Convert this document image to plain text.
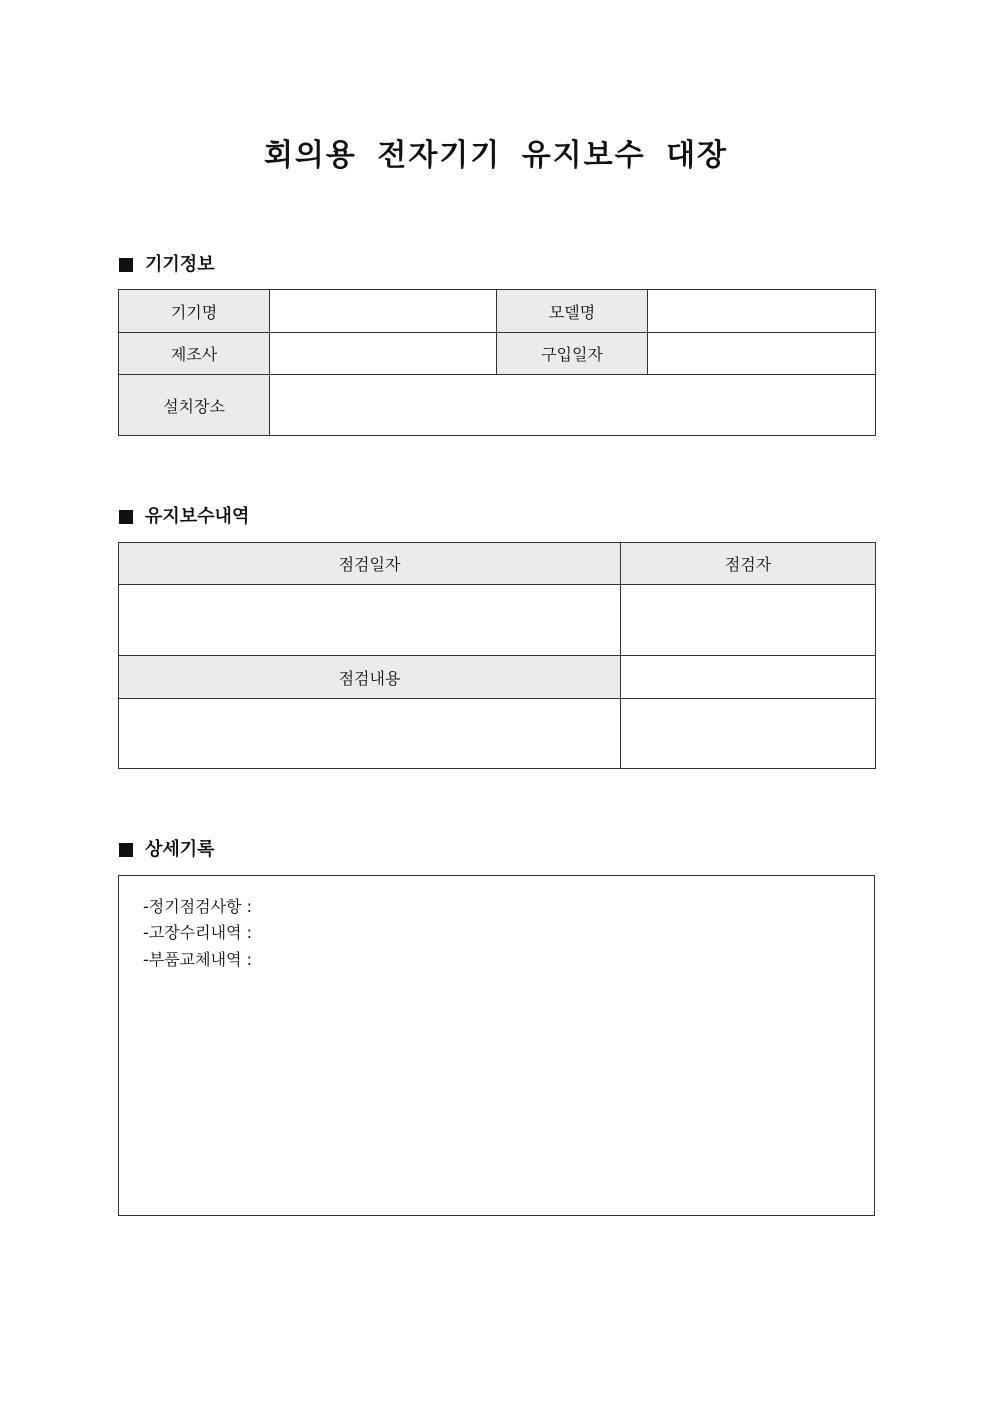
회의용 전자기기 유지보수 대장
기기정보
기기명		모델명	
제조사		구입일자	
설치장소			
유지보수내역
점검일자	점검자

점검내용	

상세기록
-정기점검사항 :
-고장수리내역 :
-부품교체내역 :
